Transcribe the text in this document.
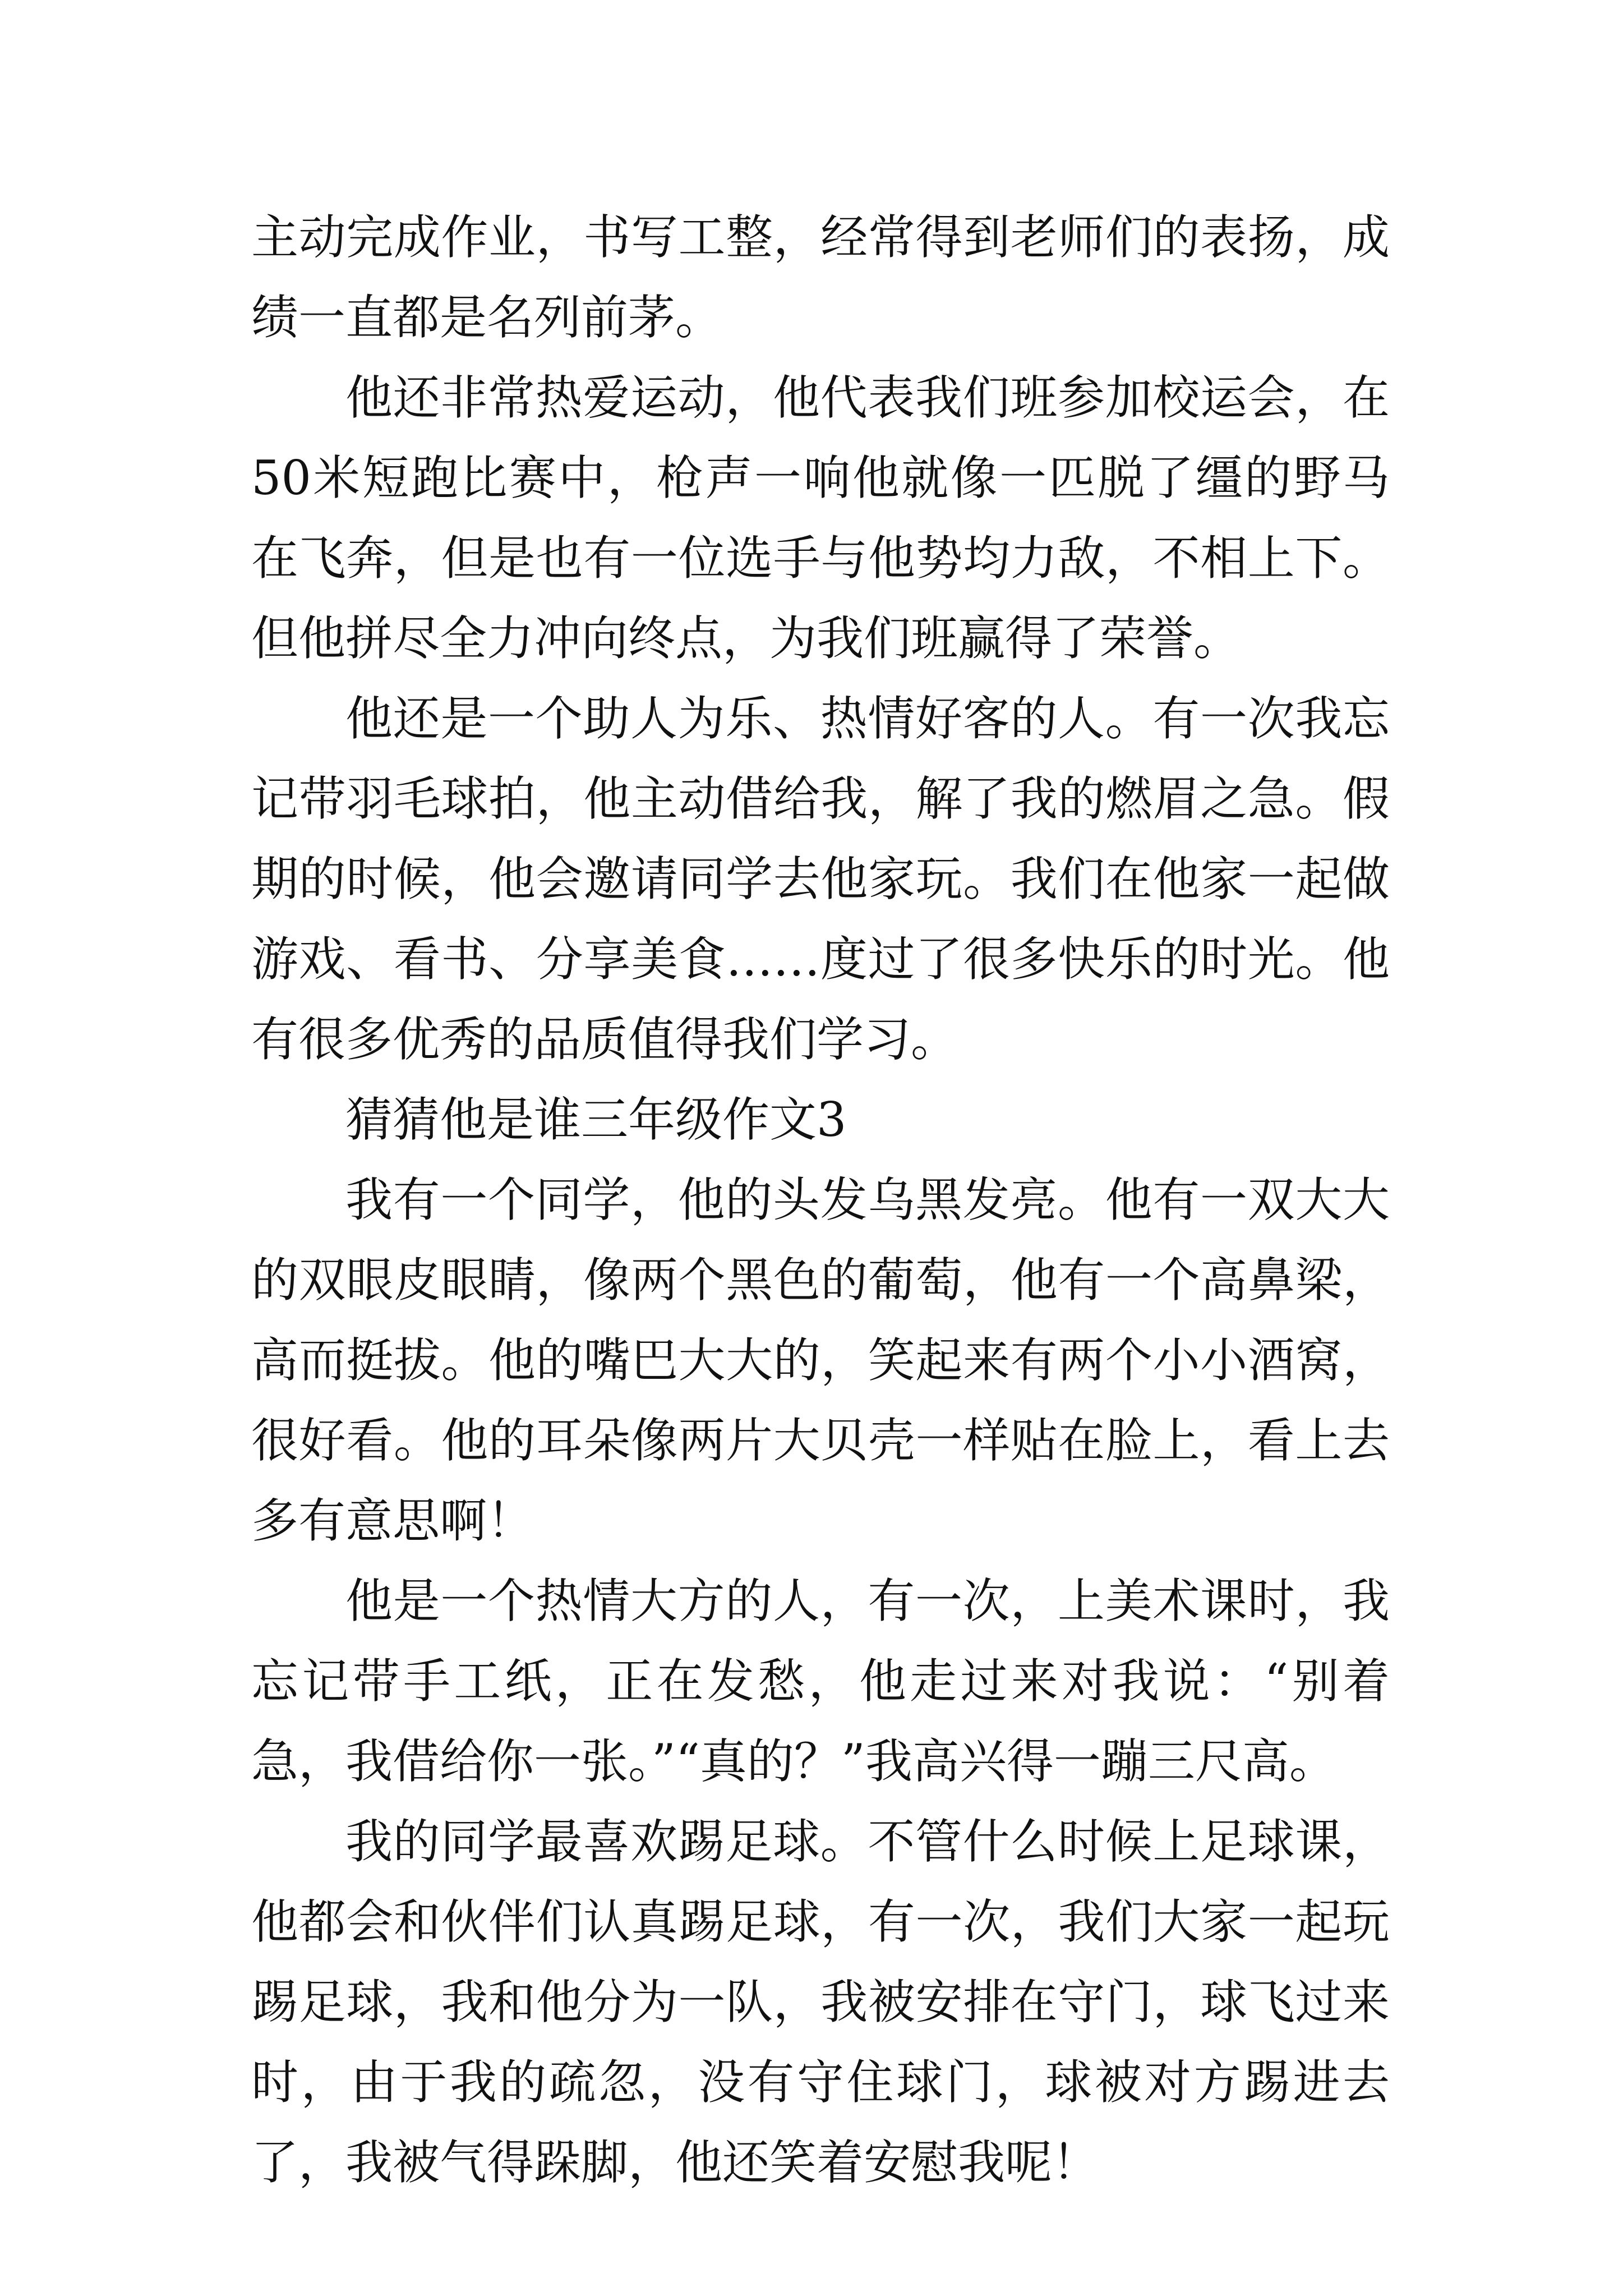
主动完成作业，书写工整，经常得到老师们的表扬，成绩一直都是名列前茅。

他还非常热爱运动，他代表我们班参加校运会，在50米短跑比赛中，枪声一响他就像一匹脱了缰的野马在飞奔，但是也有一位选手与他势均力敌，不相上下。但他拼尽全力冲向终点，为我们班赢得了荣誉。

他还是一个助人为乐、热情好客的人。有一次我忘记带羽毛球拍，他主动借给我，解了我的燃眉之急。假期的时候，他会邀请同学去他家玩。我们在他家一起做游戏、看书、分享美食……度过了很多快乐的时光。他有很多优秀的品质值得我们学习。

猜猜他是谁三年级作文3

我有一个同学，他的头发乌黑发亮。他有一双大大的双眼皮眼睛，像两个黑色的葡萄，他有一个高鼻梁，高而挺拔。他的嘴巴大大的，笑起来有两个小小酒窝，很好看。他的耳朵像两片大贝壳一样贴在脸上，看上去多有意思啊！

他是一个热情大方的人，有一次，上美术课时，我忘记带手工纸，正在发愁，他走过来对我说：“别着急，我借给你一张。”“真的？”我高兴得一蹦三尺高。

我的同学最喜欢踢足球。不管什么时候上足球课，他都会和伙伴们认真踢足球，有一次，我们大家一起玩踢足球，我和他分为一队，我被安排在守门，球飞过来时，由于我的疏忽，没有守住球门，球被对方踢进去了，我被气得跺脚，他还笑着安慰我呢！
